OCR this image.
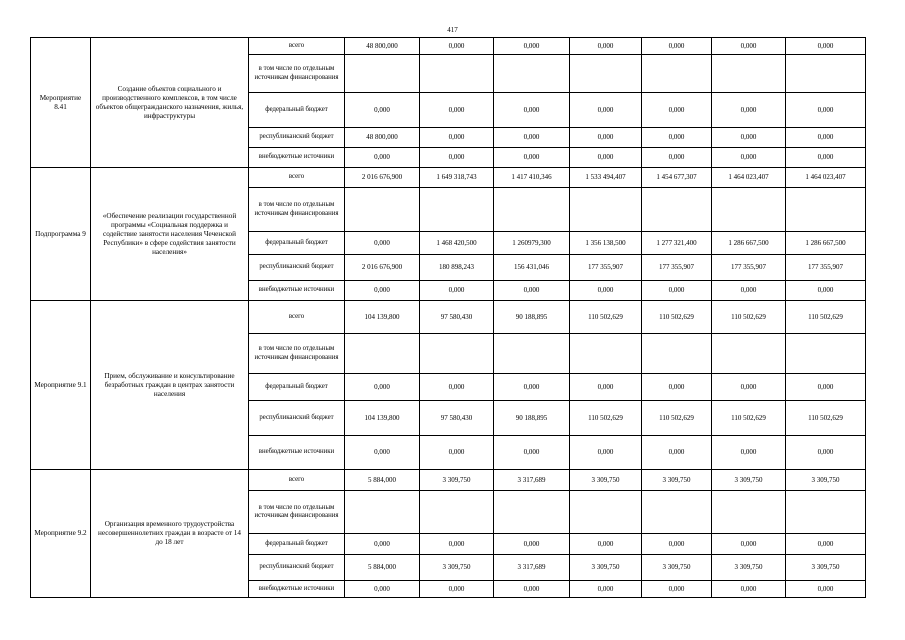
417
Мероприятие 8.41	Создание объектов социального и производственного комплексов, в том числе объектов общегражданского назначения, жилья, инфраструктуры	всего	48 800,000	0,000	0,000	0,000	0,000	0,000	0,000
		в том числе по отдельным источникам финансирования							
		федеральный бюджет	0,000	0,000	0,000	0,000	0,000	0,000	0,000
		республиканский бюджет	48 800,000	0,000	0,000	0,000	0,000	0,000	0,000
		внебюджетные источники	0,000	0,000	0,000	0,000	0,000	0,000	0,000
Подпрограмма 9	«Обеспечение реализации государственной программы «Социальная поддержка и содействие занятости населения Чеченской Республики» в сфере содействия занятости населения»	всего	2 016 676,900	1 649 318,743	1 417 410,346	1 533 494,407	1 454 677,307	1 464 023,407	1 464 023,407
		в том числе по отдельным источникам финансирования							
		федеральный бюджет	0,000	1 468 420,500	1 260979,300	1 356 138,500	1 277 321,400	1 286 667,500	1 286 667,500
		республиканский бюджет	2 016 676,900	180 898,243	156 431,046	177 355,907	177 355,907	177 355,907	177 355,907
		внебюджетные источники	0,000	0,000	0,000	0,000	0,000	0,000	0,000
Мероприятие 9.1	Прием, обслуживание и консультирование безработных граждан в центрах занятости населения	всего	104 139,800	97 580,430	90 188,895	110 502,629	110 502,629	110 502,629	110 502,629
		в том числе по отдельным источникам финансирования							
		федеральный бюджет	0,000	0,000	0,000	0,000	0,000	0,000	0,000
		республиканский бюджет	104 139,800	97 580,430	90 188,895	110 502,629	110 502,629	110 502,629	110 502,629
		внебюджетные источники	0,000	0,000	0,000	0,000	0,000	0,000	0,000
Мероприятие 9.2	Организация временного трудоустройства несовершеннолетних граждан в возрасте от 14 до 18 лет	всего	5 884,000	3 309,750	3 317,689	3 309,750	3 309,750	3 309,750	3 309,750
		в том числе по отдельным источникам финансирования							
		федеральный бюджет	0,000	0,000	0,000	0,000	0,000	0,000	0,000
		республиканский бюджет	5 884,000	3 309,750	3 317,689	3 309,750	3 309,750	3 309,750	3 309,750
		внебюджетные источники	0,000	0,000	0,000	0,000	0,000	0,000	0,000
